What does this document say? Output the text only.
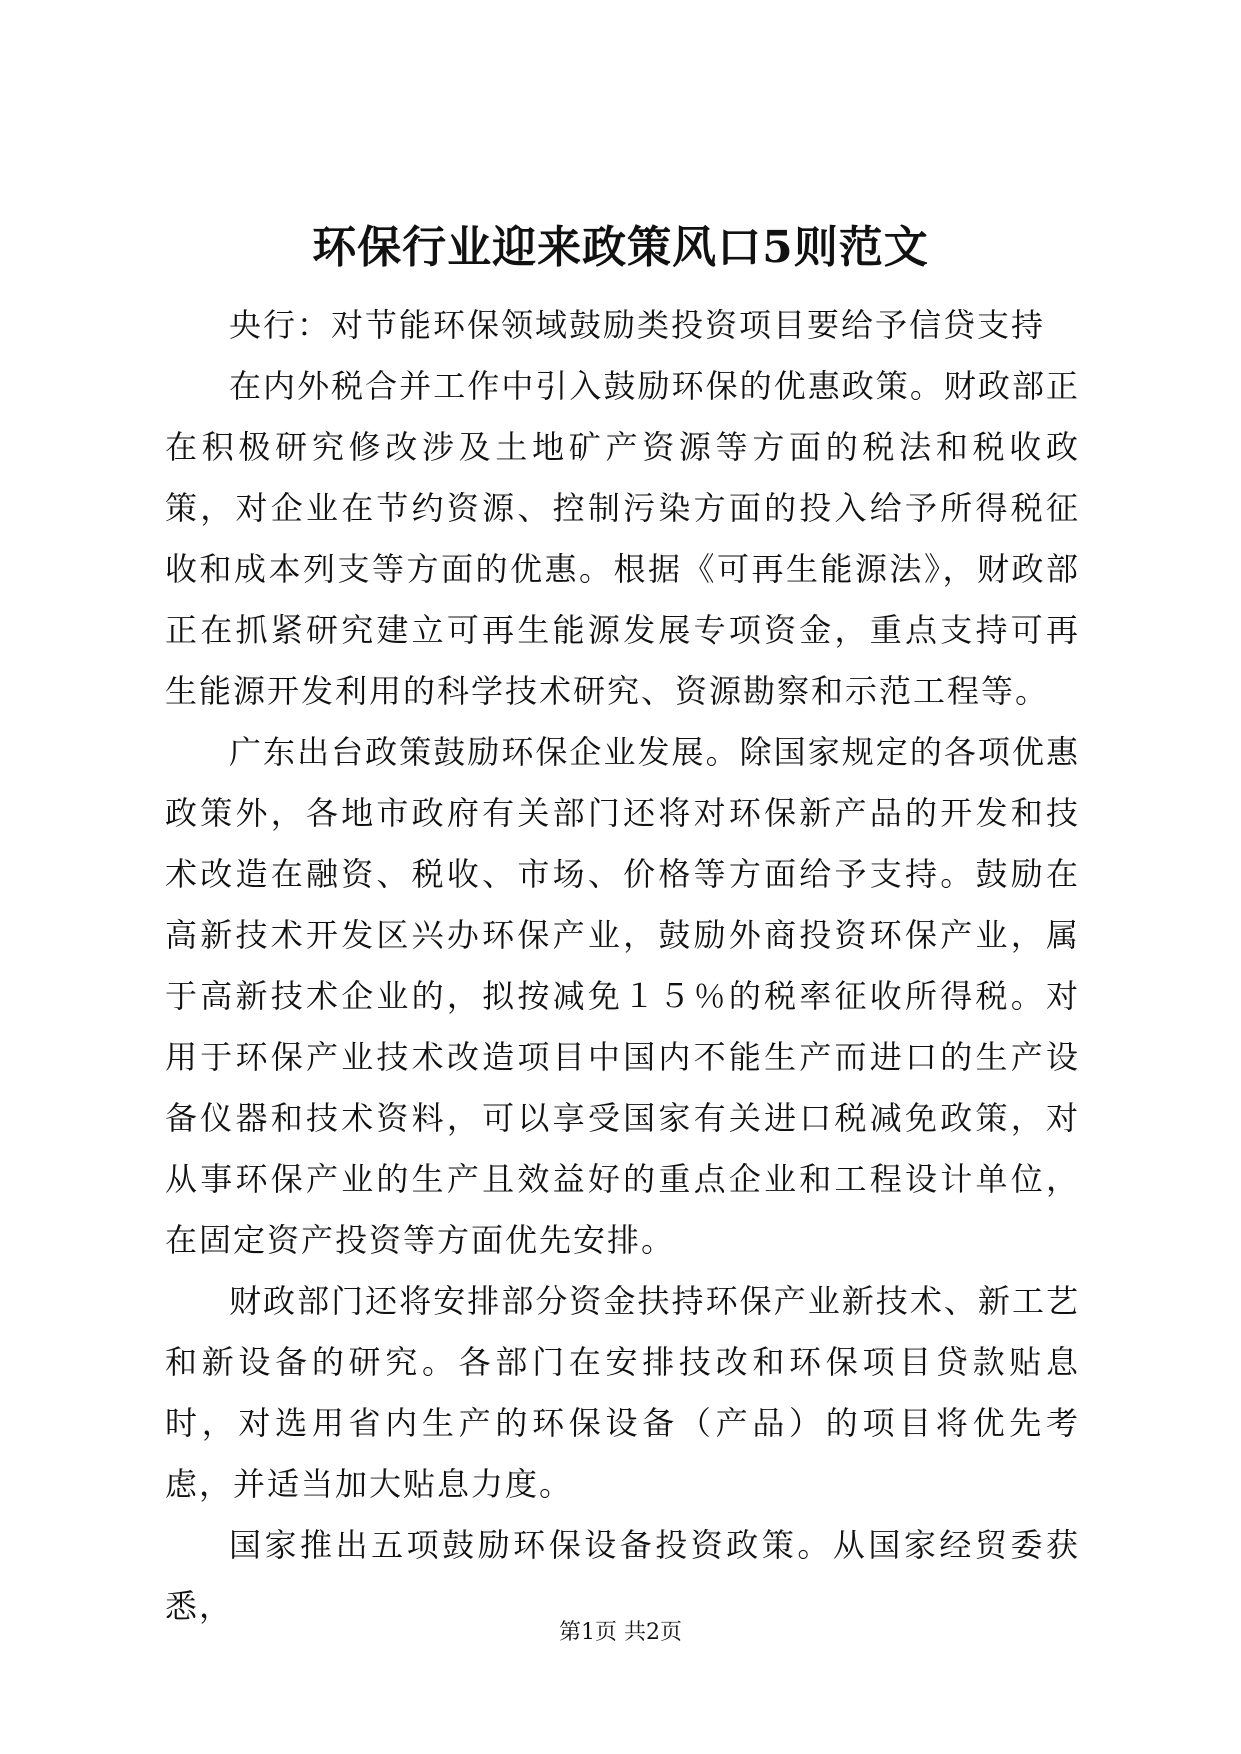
环保行业迎来政策风口5则范文

央行：对节能环保领域鼓励类投资项目要给予信贷支持

在内外税合并工作中引入鼓励环保的优惠政策。财政部正在积极研究修改涉及土地矿产资源等方面的税法和税收政策，对企业在节约资源、控制污染方面的投入给予所得税征收和成本列支等方面的优惠。根据《可再生能源法》，财政部正在抓紧研究建立可再生能源发展专项资金，重点支持可再生能源开发利用的科学技术研究、资源勘察和示范工程等。

广东出台政策鼓励环保企业发展。除国家规定的各项优惠政策外，各地市政府有关部门还将对环保新产品的开发和技术改造在融资、税收、市场、价格等方面给予支持。鼓励在高新技术开发区兴办环保产业，鼓励外商投资环保产业，属于高新技术企业的，拟按减免１５％的税率征收所得税。对用于环保产业技术改造项目中国内不能生产而进口的生产设备仪器和技术资料，可以享受国家有关进口税减免政策，对从事环保产业的生产且效益好的重点企业和工程设计单位，在固定资产投资等方面优先安排。

财政部门还将安排部分资金扶持环保产业新技术、新工艺和新设备的研究。各部门在安排技改和环保项目贷款贴息时，对选用省内生产的环保设备（产品）的项目将优先考虑，并适当加大贴息力度。

国家推出五项鼓励环保设备投资政策。从国家经贸委获悉，

第1页 共2页
